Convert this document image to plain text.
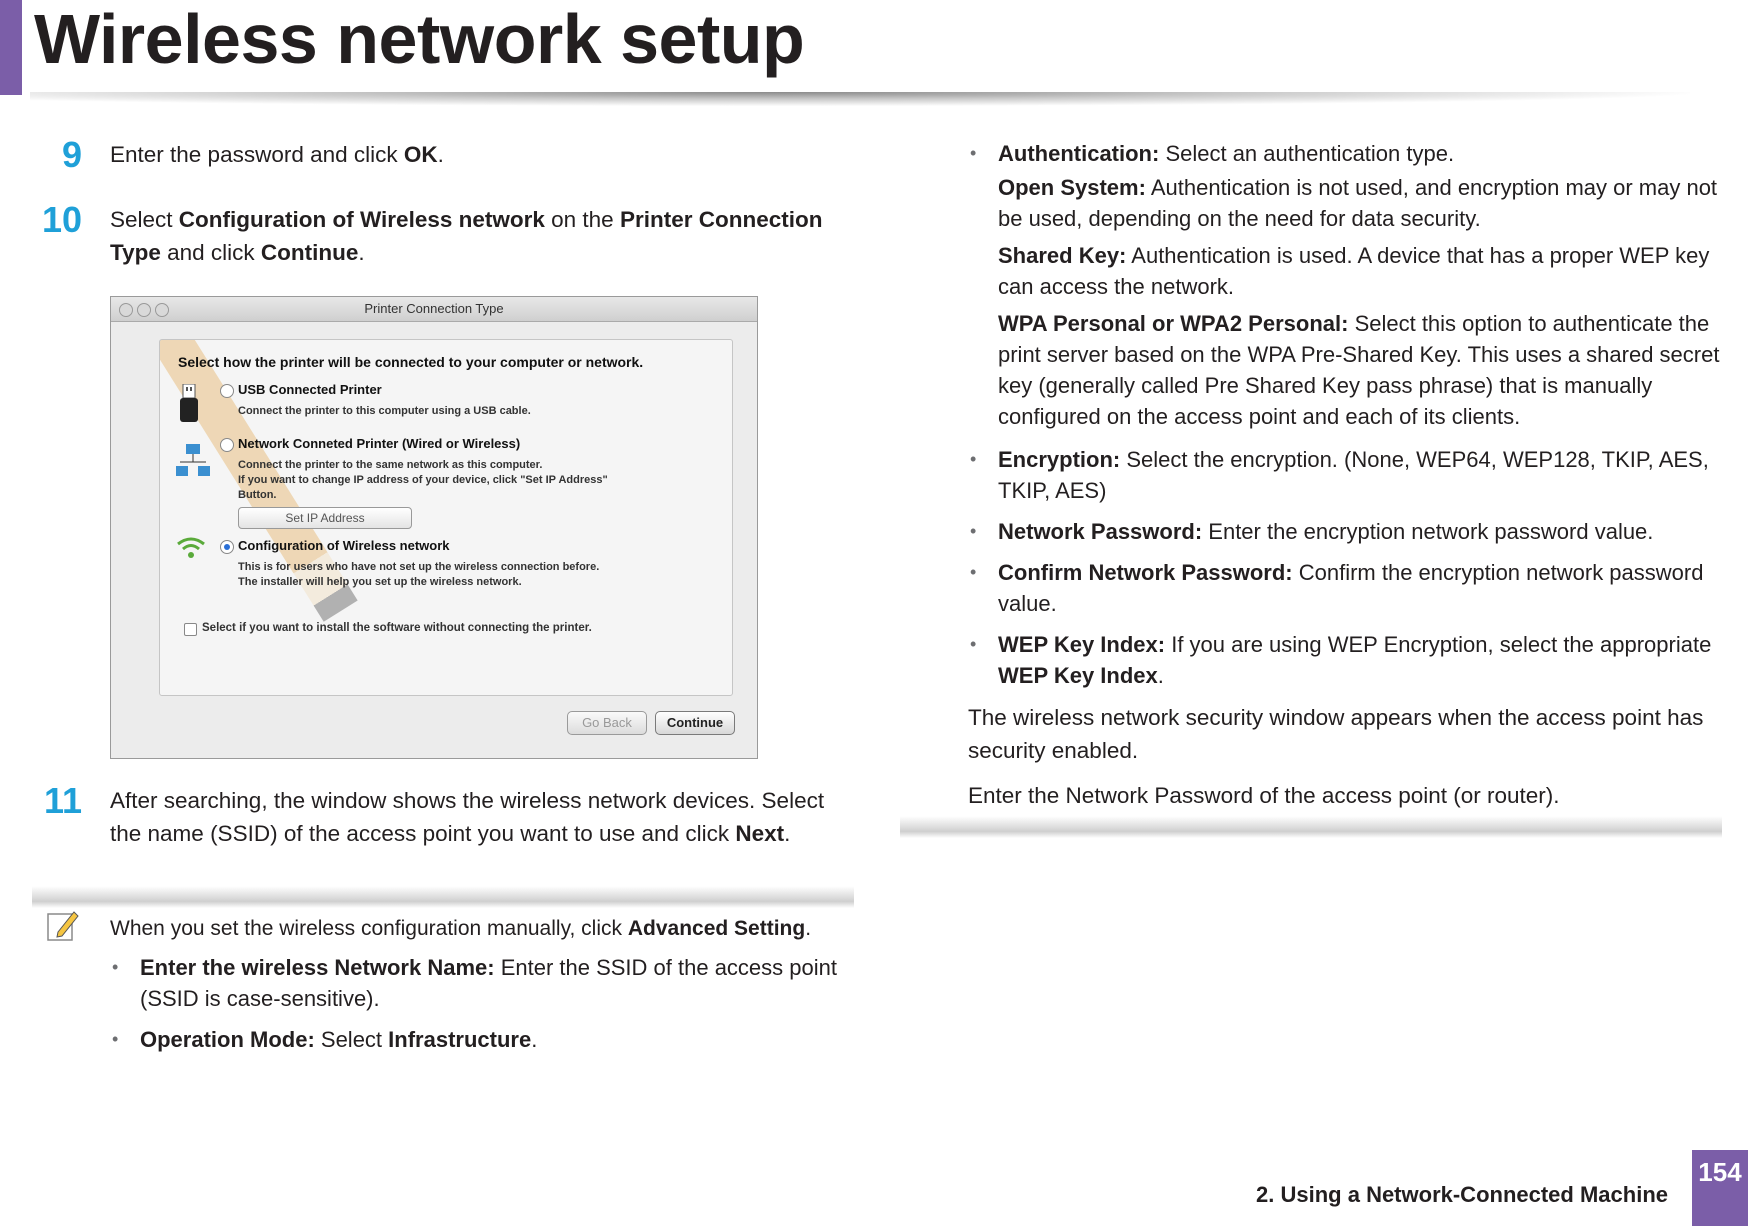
Wireless network setup
9 Enter the password and click OK.
10 Select Configuration of Wireless network on the Printer Connection Type and click Continue.
Printer Connection Type
Select how the printer will be connected to your computer or network.
USB Connected Printer
Connect the printer to this computer using a USB cable.
Network Conneted Printer (Wired or Wireless)
Connect the printer to the same network as this computer.
If you want to change IP address of your device, click "Set IP Address"
Button.
Set IP Address
Configuration of Wireless network
This is for users who have not set up the wireless connection before.
The installer will help you set up the wireless network.
Select if you want to install the software without connecting the printer.
Go Back	Continue
11 After searching, the window shows the wireless network devices. Select the name (SSID) of the access point you want to use and click Next.
When you set the wireless configuration manually, click Advanced Setting.
• Enter the wireless Network Name: Enter the SSID of the access point (SSID is case-sensitive).
• Operation Mode: Select Infrastructure.
• Authentication: Select an authentication type.
Open System: Authentication is not used, and encryption may or may not be used, depending on the need for data security.
Shared Key: Authentication is used. A device that has a proper WEP key can access the network.
WPA Personal or WPA2 Personal: Select this option to authenticate the print server based on the WPA Pre-Shared Key. This uses a shared secret key (generally called Pre Shared Key pass phrase) that is manually configured on the access point and each of its clients.
• Encryption: Select the encryption. (None, WEP64, WEP128, TKIP, AES, TKIP, AES)
• Network Password: Enter the encryption network password value.
• Confirm Network Password: Confirm the encryption network password value.
• WEP Key Index: If you are using WEP Encryption, select the appropriate WEP Key Index.

The wireless network security window appears when the access point has security enabled.

Enter the Network Password of the access point (or router).

2. Using a Network-Connected Machine
154
